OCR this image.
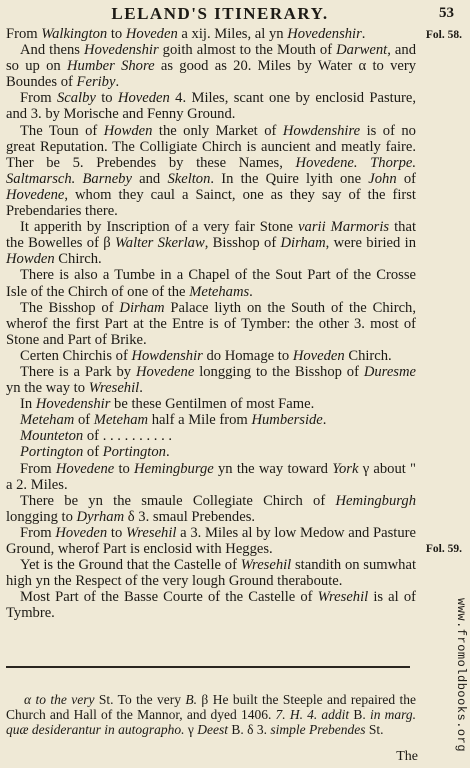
LELAND'S ITINERARY.	53

From Walkington to Hoveden a xij. Miles, al yn Hovedenshir.

And thens Hovedenshir goith almost to the Mouth of Darwent, and so up on Humber Shore as good as 20. Miles by Water α to very Boundes of Feriby.

From Scalby to Hoveden 4. Miles, scant one by enclosid Pasture, and 3. by Morische and Fenny Ground.

The Toun of Howden the only Market of Howdenshire is of no great Reputation. The Colligiate Chirch is auncient and meatly faire. Ther be 5. Prebendes by these Names, Hovedene. Thorpe. Saltmarsch. Barneby and Skelton. In the Quire lyith one John of Hovedene, whom they caul a Sainct, one as they say of the first Prebendaries there.

It apperith by Inscription of a very fair Stone varii Marmoris that the Bowelles of β Walter Skerlaw, Bisshop of Dirham, were biried in Howden Chirch.

There is also a Tumbe in a Chapel of the Sout Part of the Crosse Isle of the Chirch of one of the Metehams.

The Bisshop of Dirham Palace liyth on the South of the Chirch, wherof the first Part at the Entre is of Tymber: the other 3. most of Stone and Part of Brike.

Certen Chirchis of Howdenshir do Homage to Hoveden Chirch.

There is a Park by Hovedene longging to the Bisshop of Duresme yn the way to Wresehil.

In Hovedenshir be these Gentilmen of most Fame.

Meteham of Meteham half a Mile from Humberside.

Mounteton of . . . . . . . . . .

Portington of Portington.

From Hovedene to Hemingburge yn the way toward York γ about " a 2. Miles.

There be yn the smaule Collegiate Chirch of Hemingburgh longging to Dyrham δ 3. smaul Prebendes.

From Hoveden to Wresehil a 3. Miles al by low Medow and Pasture Ground, wherof Part is enclosid with Hegges.

Yet is the Ground that the Castelle of Wresehil standith on sumwhat high yn the Respect of the very lough Ground theraboute.

Most Part of the Basse Courte of the Castelle of Wresehil is al of Tymbre.

Fol. 58.
Fol. 59.

α to the very St. To the very B. β He built the Steeple and repaired the Church and Hall of the Mannor, and dyed 1406. 7. H. 4. addit B. in marg. quæ desiderantur in autographo. γ Deest B. δ 3. simple Prebendes St.

The
www.fromoldbooks.org
